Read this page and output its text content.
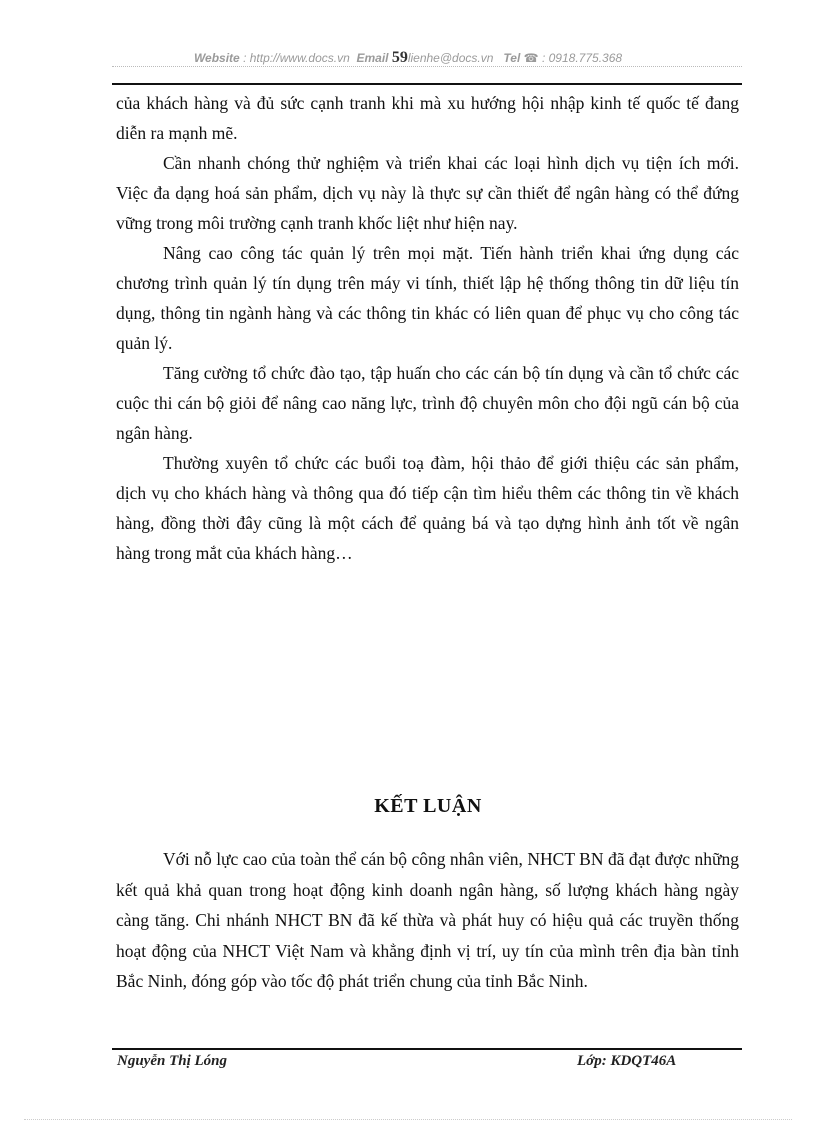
Website : http://www.docs.vn Email 59lienhe@docs.vn Tel ☎ : 0918.775.368

của khách hàng và đủ sức cạnh tranh khi mà xu hướng hội nhập kinh tế quốc tế đang diễn ra mạnh mẽ.

Cần nhanh chóng thử nghiệm và triển khai các loại hình dịch vụ tiện ích mới. Việc đa dạng hoá sản phẩm, dịch vụ này là thực sự cần thiết để ngân hàng có thể đứng vững trong môi trường cạnh tranh khốc liệt như hiện nay.

Nâng cao công tác quản lý trên mọi mặt. Tiến hành triển khai ứng dụng các chương trình quản lý tín dụng trên máy vi tính, thiết lập hệ thống thông tin dữ liệu tín dụng, thông tin ngành hàng và các thông tin khác có liên quan để phục vụ cho công tác quản lý.

Tăng cường tổ chức đào tạo, tập huấn cho các cán bộ tín dụng và cần tổ chức các cuộc thi cán bộ giỏi để nâng cao năng lực, trình độ chuyên môn cho đội ngũ cán bộ của ngân hàng.

Thường xuyên tổ chức các buổi toạ đàm, hội thảo để giới thiệu các sản phẩm, dịch vụ cho khách hàng và thông qua đó tiếp cận tìm hiểu thêm các thông tin về khách hàng, đồng thời đây cũng là một cách để quảng bá và tạo dựng hình ảnh tốt về ngân hàng trong mắt của khách hàng…

KẾT LUẬN

Với nỗ lực cao của toàn thể cán bộ công nhân viên, NHCT BN đã đạt được những kết quả khả quan trong hoạt động kinh doanh ngân hàng, số lượng khách hàng ngày càng tăng. Chi nhánh NHCT BN đã kế thừa và phát huy có hiệu quả các truyền thống hoạt động của NHCT Việt Nam và khẳng định vị trí, uy tín của mình trên địa bàn tỉnh Bắc Ninh, đóng góp vào tốc độ phát triển chung của tỉnh Bắc Ninh.

Nguyễn Thị Lóng	Lớp: KDQT46A
